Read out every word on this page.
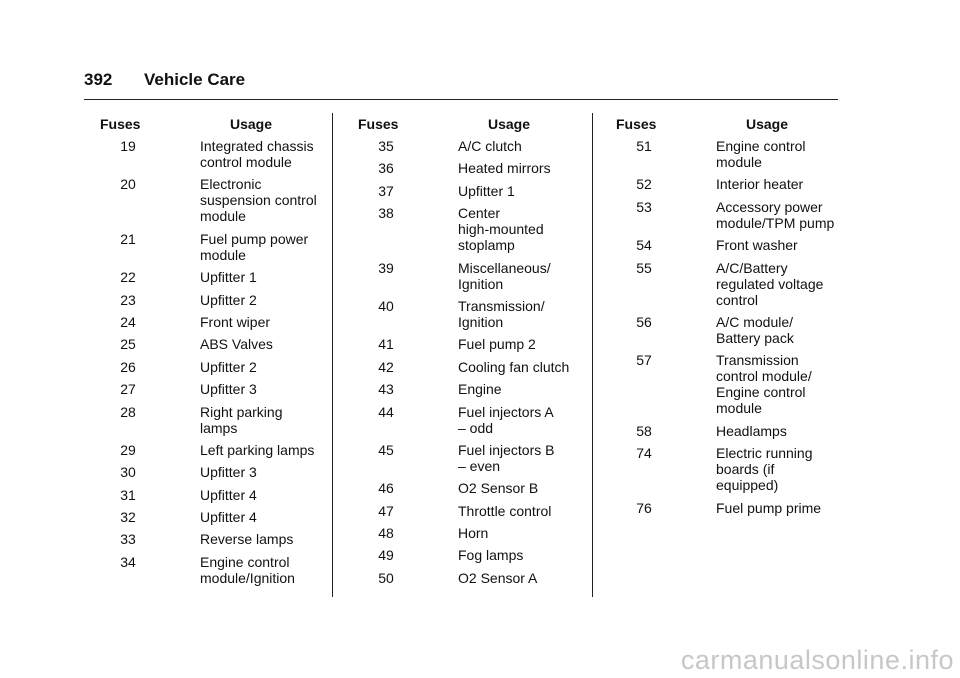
392 Vehicle Care
Fuses	Usage
19	Integrated chassis
control module
20	Electronic
suspension control
module
21	Fuel pump power
module
22	Upfitter 1
23	Upfitter 2
24	Front wiper
25	ABS Valves
26	Upfitter 2
27	Upfitter 3
28	Right parking
lamps
29	Left parking lamps
30	Upfitter 3
31	Upfitter 4
32	Upfitter 4
33	Reverse lamps
34	Engine control
module/Ignition
Fuses	Usage
35	A/C clutch
36	Heated mirrors
37	Upfitter 1
38	Center
high-mounted
stoplamp
39	Miscellaneous/
Ignition
40	Transmission/
Ignition
41	Fuel pump 2
42	Cooling fan clutch
43	Engine
44	Fuel injectors A
– odd
45	Fuel injectors B
– even
46	O2 Sensor B
47	Throttle control
48	Horn
49	Fog lamps
50	O2 Sensor A
Fuses	Usage
51	Engine control
module
52	Interior heater
53	Accessory power
module/TPM pump
54	Front washer
55	A/C/Battery
regulated voltage
control
56	A/C module/
Battery pack
57	Transmission
control module/
Engine control
module
58	Headlamps
74	Electric running
boards (if
equipped)
76	Fuel pump prime
carmanualsonline.info
